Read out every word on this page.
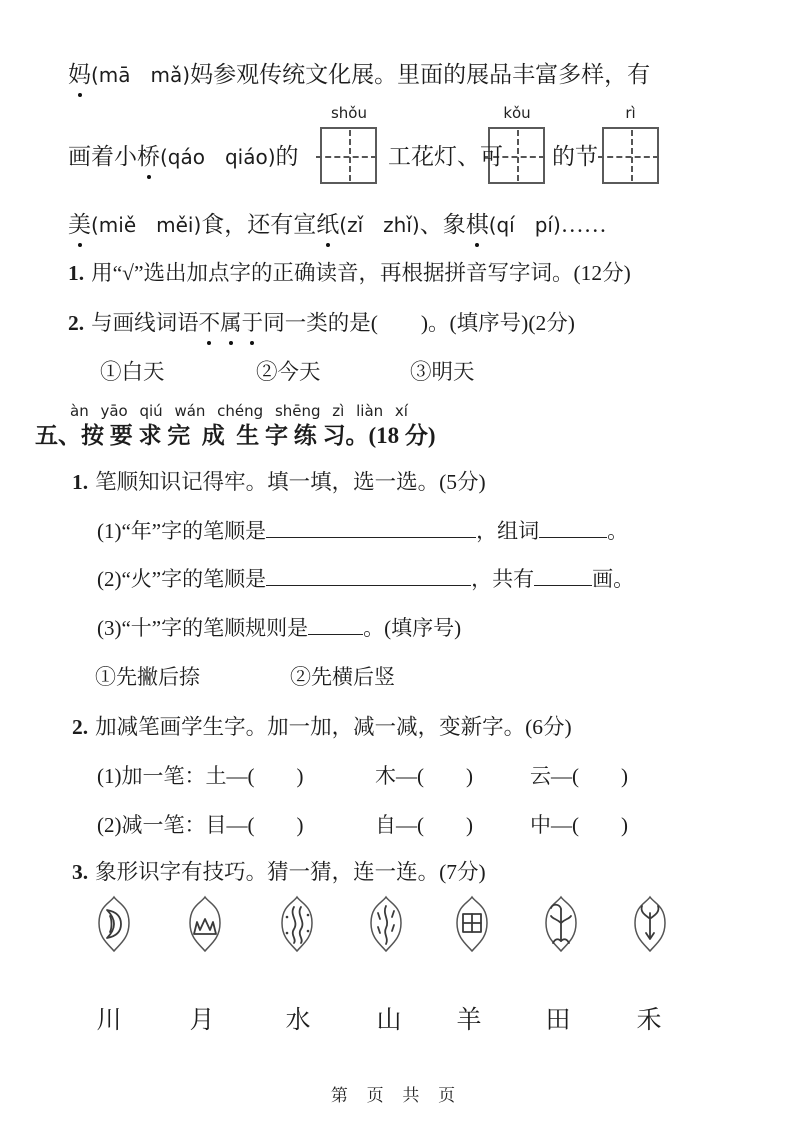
妈(mā　mǎ)妈参观传统文化展。里面的展品丰富多样，有
shǒu	kǒu	rì
画着小桥(qáo　qiáo)的	工花灯、可 的节
美(miě　měi)食，还有宣纸(zǐ　zhǐ)、象棋(qí　pí)……
1. 用“√”选出加点字的正确读音，再根据拼音写字词。(12分)
2. 与画线词语不属于同一类的是(　　)。(填序号)(2分)
①白天	②今天	③明天
àn yāo qiú wán chéng shēng zì liàn xí
五、按 要 求 完  成  生 字 练 习。(18 分)
1. 笔顺知识记得牢。填一填，选一选。(5分)
(1)“年”字的笔顺是	，组词	。
(2)“火”字的笔顺是	，共有	画。
(3)“十”字的笔顺规则是	。(填序号)
①先撇后捺	②先横后竖
2. 加减笔画学生字。加一加，减一减，变新字。(6分)
(1)加一笔：土—(　　)	木—(　　)	云—(　　)
(2)减一笔：目—(　　)	自—(　　)	中—(　　)
3. 象形识字有技巧。猜一猜，连一连。(7分)
川	月	水	山 羊	田	禾
第 页 共 页
